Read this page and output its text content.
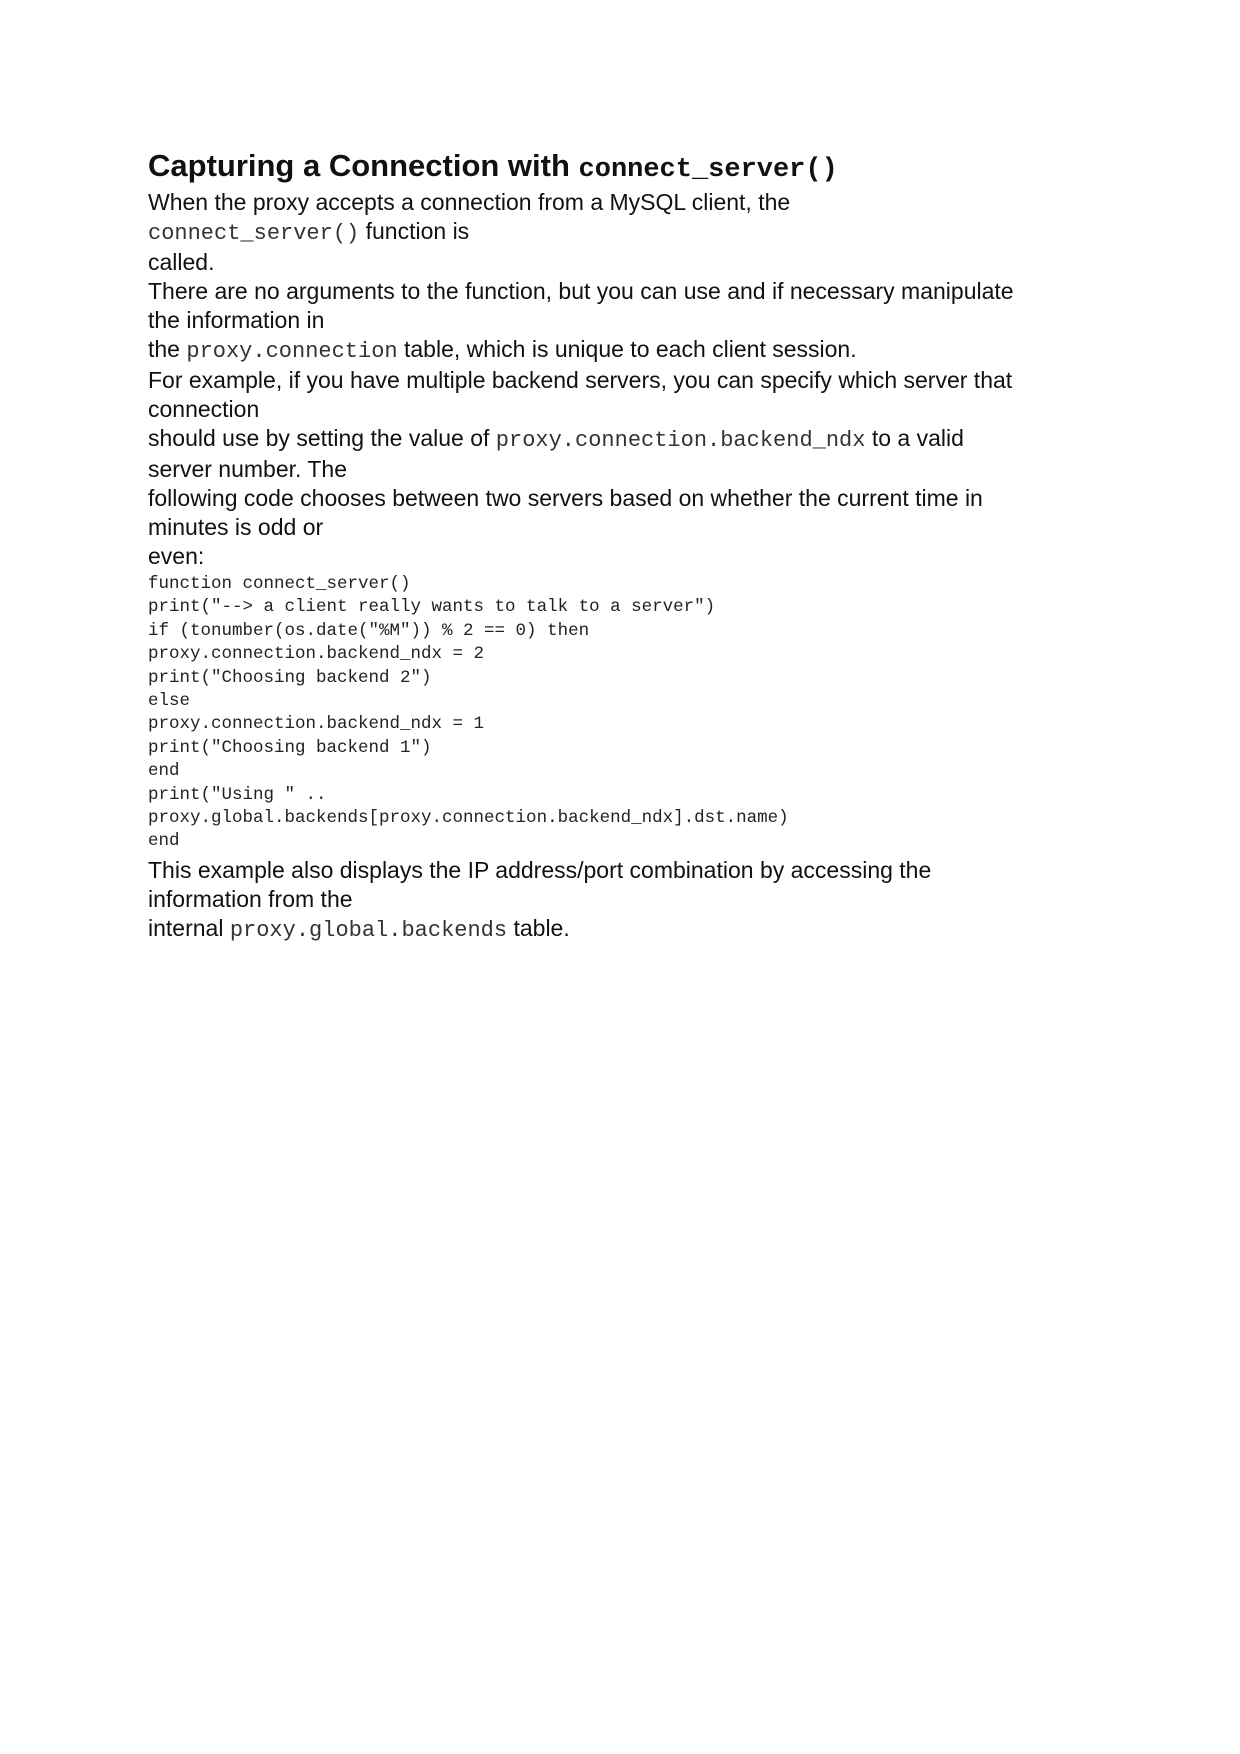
Capturing a Connection with connect_server()
When the proxy accepts a connection from a MySQL client, the
connect_server() function is
called.
There are no arguments to the function, but you can use and if necessary manipulate
the information in
the proxy.connection table, which is unique to each client session.
For example, if you have multiple backend servers, you can specify which server that
connection
should use by setting the value of proxy.connection.backend_ndx to a valid
server number. The
following code chooses between two servers based on whether the current time in
minutes is odd or
even:
function connect_server()
print("--> a client really wants to talk to a server")
if (tonumber(os.date("%M")) % 2 == 0) then
proxy.connection.backend_ndx = 2
print("Choosing backend 2")
else
proxy.connection.backend_ndx = 1
print("Choosing backend 1")
end
print("Using " ..
proxy.global.backends[proxy.connection.backend_ndx].dst.name)
end
This example also displays the IP address/port combination by accessing the
information from the
internal proxy.global.backends table.
